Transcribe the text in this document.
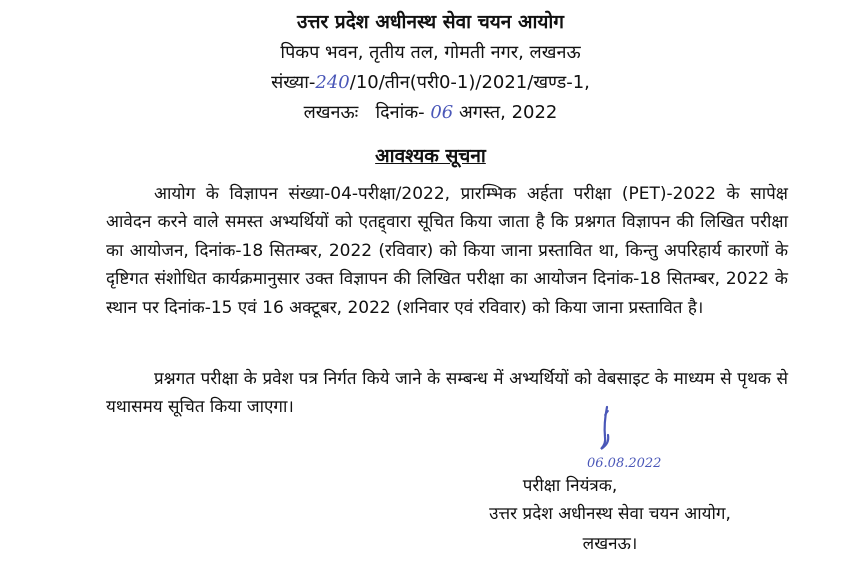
उत्तर प्रदेश अधीनस्थ सेवा चयन आयोग
पिकप भवन, तृतीय तल, गोमती नगर, लखनऊ
संख्या-240/10/तीन(परी0-1)/2021/खण्ड-1,
लखनऊः   दिनांक- 06 अगस्त, 2022
आवश्यक सूचना
आयोग के विज्ञापन संख्या-04-परीक्षा/2022, प्रारम्भिक अर्हता परीक्षा (PET)-2022 के सापेक्ष आवेदन करने वाले समस्त अभ्यर्थियों को एतद्द्वारा सूचित किया जाता है कि प्रश्नगत विज्ञापन की लिखित परीक्षा का आयोजन, दिनांक-18 सितम्बर, 2022 (रविवार) को किया जाना प्रस्तावित था, किन्तु अपरिहार्य कारणों के दृष्टिगत संशोधित कार्यक्रमानुसार उक्त विज्ञापन की लिखित परीक्षा का आयोजन दिनांक-18 सितम्बर, 2022 के स्थान पर दिनांक-15 एवं 16 अक्टूबर, 2022 (शनिवार एवं रविवार) को किया जाना प्रस्तावित है।
प्रश्नगत परीक्षा के प्रवेश पत्र निर्गत किये जाने के सम्बन्ध में अभ्यर्थियों को वेबसाइट के माध्यम से पृथक से यथासमय सूचित किया जाएगा।
06.08.2022
परीक्षा नियंत्रक,
उत्तर प्रदेश अधीनस्थ सेवा चयन आयोग,
लखनऊ।
